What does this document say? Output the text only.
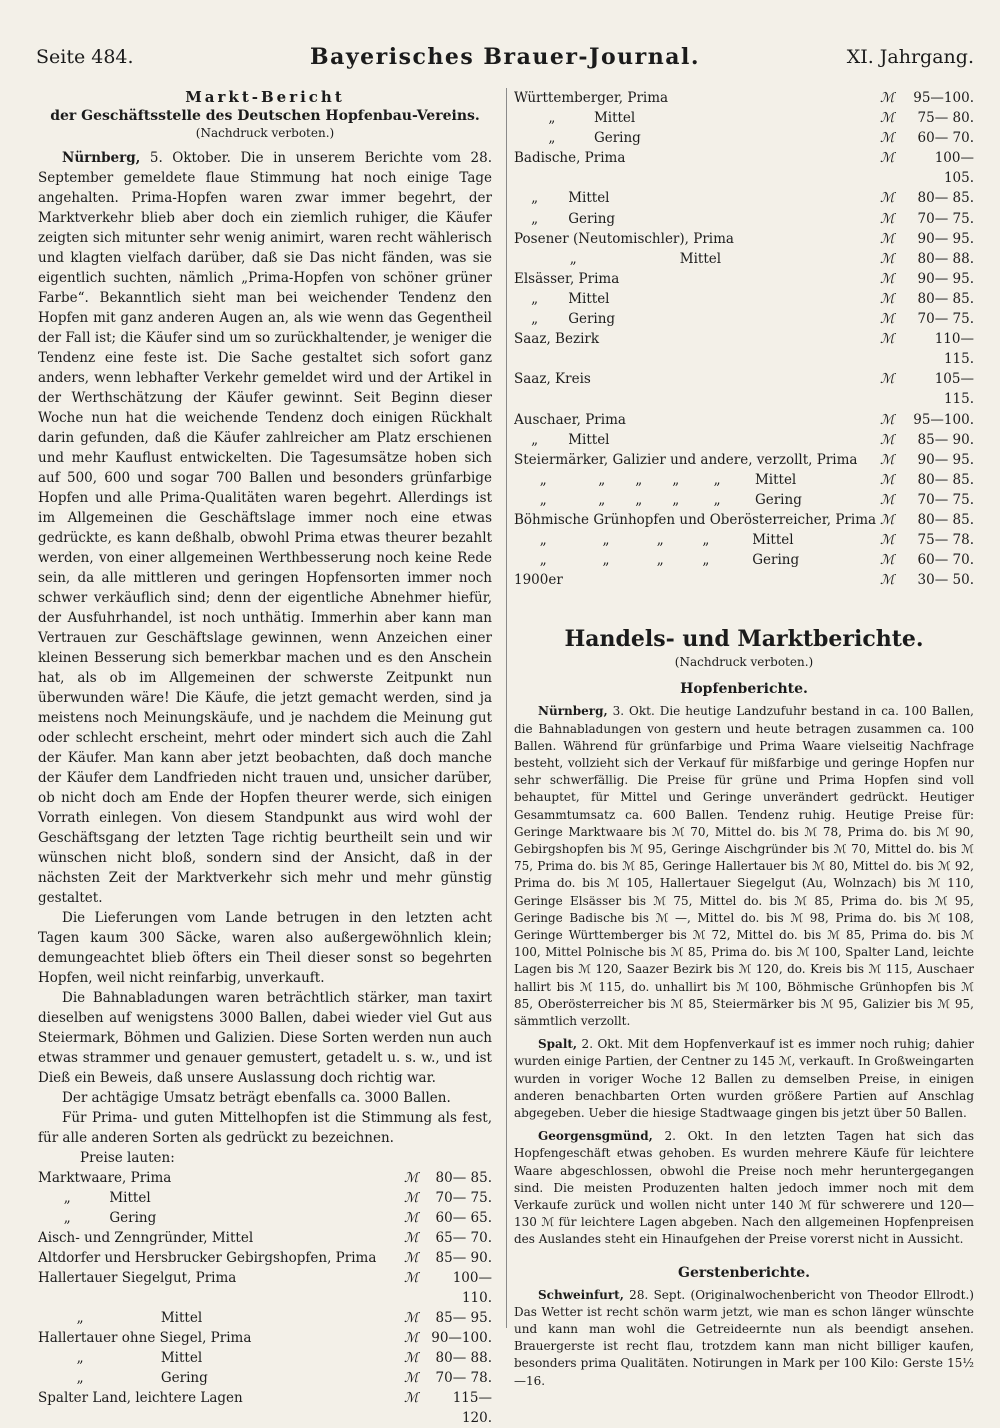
Seite 484.	Bayerisches Brauer-Journal.	XI. Jahrgang.
Markt-Bericht
der Geschäftsstelle des Deutschen Hopfenbau-Vereins.
(Nachdruck verboten.)

Nürnberg, 5. Oktober. Die in unserem Berichte vom 28. September gemeldete flaue Stimmung hat noch einige Tage angehalten. Prima-Hopfen waren zwar immer begehrt, der Marktverkehr blieb aber doch ein ziemlich ruhiger, die Käufer zeigten sich mitunter sehr wenig animirt, waren recht wählerisch und klagten vielfach darüber, daß sie Das nicht fänden, was sie eigentlich suchten, nämlich „Prima-Hopfen von schöner grüner Farbe“. Bekanntlich sieht man bei weichender Tendenz den Hopfen mit ganz anderen Augen an, als wie wenn das Gegentheil der Fall ist; die Käufer sind um so zurückhaltender, je weniger die Tendenz eine feste ist. Die Sache gestaltet sich sofort ganz anders, wenn lebhafter Verkehr gemeldet wird und der Artikel in der Werthschätzung der Käufer gewinnt. Seit Beginn dieser Woche nun hat die weichende Tendenz doch einigen Rückhalt darin gefunden, daß die Käufer zahlreicher am Platz erschienen und mehr Kauflust entwickelten. Die Tagesumsätze hoben sich auf 500, 600 und sogar 700 Ballen und besonders grünfarbige Hopfen und alle Prima-Qualitäten waren begehrt. Allerdings ist im Allgemeinen die Geschäftslage immer noch eine etwas gedrückte, es kann deßhalb, obwohl Prima etwas theurer bezahlt werden, von einer allgemeinen Werthbesserung noch keine Rede sein, da alle mittleren und geringen Hopfensorten immer noch schwer verkäuflich sind; denn der eigentliche Abnehmer hiefür, der Ausfuhrhandel, ist noch unthätig. Immerhin aber kann man Vertrauen zur Geschäftslage gewinnen, wenn Anzeichen einer kleinen Besserung sich bemerkbar machen und es den Anschein hat, als ob im Allgemeinen der schwerste Zeitpunkt nun überwunden wäre! Die Käufe, die jetzt gemacht werden, sind ja meistens noch Meinungskäufe, und je nachdem die Meinung gut oder schlecht erscheint, mehrt oder mindert sich auch die Zahl der Käufer. Man kann aber jetzt beobachten, daß doch manche der Käufer dem Landfrieden nicht trauen und, unsicher darüber, ob nicht doch am Ende der Hopfen theurer werde, sich einigen Vorrath einlegen. Von diesem Standpunkt aus wird wohl der Geschäftsgang der letzten Tage richtig beurtheilt sein und wir wünschen nicht bloß, sondern sind der Ansicht, daß in der nächsten Zeit der Marktverkehr sich mehr und mehr günstig gestaltet.

Die Lieferungen vom Lande betrugen in den letzten acht Tagen kaum 300 Säcke, waren also außergewöhnlich klein; demungeachtet blieb öfters ein Theil dieser sonst so begehrten Hopfen, weil nicht reinfarbig, unverkauft.

Die Bahnabladungen waren beträchtlich stärker, man taxirt dieselben auf wenigstens 3000 Ballen, dabei wieder viel Gut aus Steiermark, Böhmen und Galizien. Diese Sorten werden nun auch etwas strammer und genauer gemustert, getadelt u. s. w., und ist Dieß ein Beweis, daß unsere Auslassung doch richtig war.

Der achtägige Umsatz beträgt ebenfalls ca. 3000 Ballen.

Für Prima- und guten Mittelhopfen ist die Stimmung als fest, für alle anderen Sorten als gedrückt zu bezeichnen.

Preise lauten:
Marktwaare, Prima	ℳ	80— 85.
„         Mittel	ℳ	70— 75.
„         Gering	ℳ	60— 65.
Aisch- und Zenngründer, Mittel	ℳ	65— 70.
Altdorfer und Hersbrucker Gebirgshopfen, Prima	ℳ	85— 90.
Hallertauer Siegelgut, Prima	ℳ	100—110.
„                  Mittel	ℳ	85— 95.
Hallertauer ohne Siegel, Prima	ℳ 90—100.
„                  Mittel	ℳ	80— 88.
„                  Gering	ℳ	70— 78.
Spalter Land, leichtere Lagen	ℳ	115—120.
Württemberger, Prima	ℳ	95—100.
„         Mittel	ℳ	75— 80.
„         Gering	ℳ	60— 70.
Badische, Prima	ℳ	100—105.
„       Mittel	ℳ	80— 85.
„       Gering	ℳ	70— 75.
Posener (Neutomischler), Prima	ℳ	90— 95.
„                        Mittel	ℳ	80— 88.
Elsässer, Prima	ℳ	90— 95.
„       Mittel	ℳ	80— 85.
„       Gering	ℳ	70— 75.
Saaz, Bezirk	ℳ	110—115.
Saaz, Kreis	ℳ	105—115.
Auschaer, Prima	ℳ	95—100.
„       Mittel	ℳ	85— 90.
Steiermärker, Galizier und andere, verzollt, Prima	ℳ	90— 95.
„            „       „       „        „        Mittel	ℳ	80— 85.
„            „       „       „        „        Gering	ℳ	70— 75.
Böhmische Grünhopfen und Oberösterreicher, Prima ℳ	80— 85.
„             „           „         „          Mittel	ℳ	75— 78.
„             „           „         „          Gering	ℳ	60— 70.
1900er	ℳ	30— 50.
Handels- und Marktberichte.
(Nachdruck verboten.)
Hopfenberichte.

Nürnberg, 3. Okt. Die heutige Landzufuhr bestand in ca. 100 Ballen, die Bahnabladungen von gestern und heute betragen zusammen ca. 100 Ballen. Während für grünfarbige und Prima Waare vielseitig Nachfrage besteht, vollzieht sich der Verkauf für mißfarbige und geringe Hopfen nur sehr schwerfällig. Die Preise für grüne und Prima Hopfen sind voll behauptet, für Mittel und Geringe unverändert gedrückt. Heutiger Gesammtumsatz ca. 600 Ballen. Tendenz ruhig. Heutige Preise für: Geringe Marktwaare bis ℳ 70, Mittel do. bis ℳ 78, Prima do. bis ℳ 90, Gebirgshopfen bis ℳ 95, Geringe Aischgründer bis ℳ 70, Mittel do. bis ℳ 75, Prima do. bis ℳ 85, Geringe Hallertauer bis ℳ 80, Mittel do. bis ℳ 92, Prima do. bis ℳ 105, Hallertauer Siegelgut (Au, Wolnzach) bis ℳ 110, Geringe Elsässer bis ℳ 75, Mittel do. bis ℳ 85, Prima do. bis ℳ 95, Geringe Badische bis ℳ —, Mittel do. bis ℳ 98, Prima do. bis ℳ 108, Geringe Württemberger bis ℳ 72, Mittel do. bis ℳ 85, Prima do. bis ℳ 100, Mittel Polnische bis ℳ 85, Prima do. bis ℳ 100, Spalter Land, leichte Lagen bis ℳ 120, Saazer Bezirk bis ℳ 120, do. Kreis bis ℳ 115, Auschaer hallirt bis ℳ 115, do. unhallirt bis ℳ 100, Böhmische Grünhopfen bis ℳ 85, Oberösterreicher bis ℳ 85, Steiermärker bis ℳ 95, Galizier bis ℳ 95, sämmtlich verzollt.

Spalt, 2. Okt. Mit dem Hopfenverkauf ist es immer noch ruhig; dahier wurden einige Partien, der Centner zu 145 ℳ, verkauft. In Großweingarten wurden in voriger Woche 12 Ballen zu demselben Preise, in einigen anderen benachbarten Orten wurden größere Partien auf Anschlag abgegeben. Ueber die hiesige Stadtwaage gingen bis jetzt über 50 Ballen.

Georgensgmünd, 2. Okt. In den letzten Tagen hat sich das Hopfengeschäft etwas gehoben. Es wurden mehrere Käufe für leichtere Waare abgeschlossen, obwohl die Preise noch mehr heruntergegangen sind. Die meisten Produzenten halten jedoch immer noch mit dem Verkaufe zurück und wollen nicht unter 140 ℳ für schwerere und 120—130 ℳ für leichtere Lagen abgeben. Nach den allgemeinen Hopfenpreisen des Auslandes steht ein Hinaufgehen der Preise vorerst nicht in Aussicht.

Gerstenberichte.

Schweinfurt, 28. Sept. (Originalwochenbericht von Theodor Ellrodt.) Das Wetter ist recht schön warm jetzt, wie man es schon länger wünschte und kann man wohl die Getreideernte nun als beendigt ansehen. Brauergerste ist recht flau, trotzdem kann man nicht billiger kaufen, besonders prima Qualitäten. Notirungen in Mark per 100 Kilo: Gerste 15½—16.
